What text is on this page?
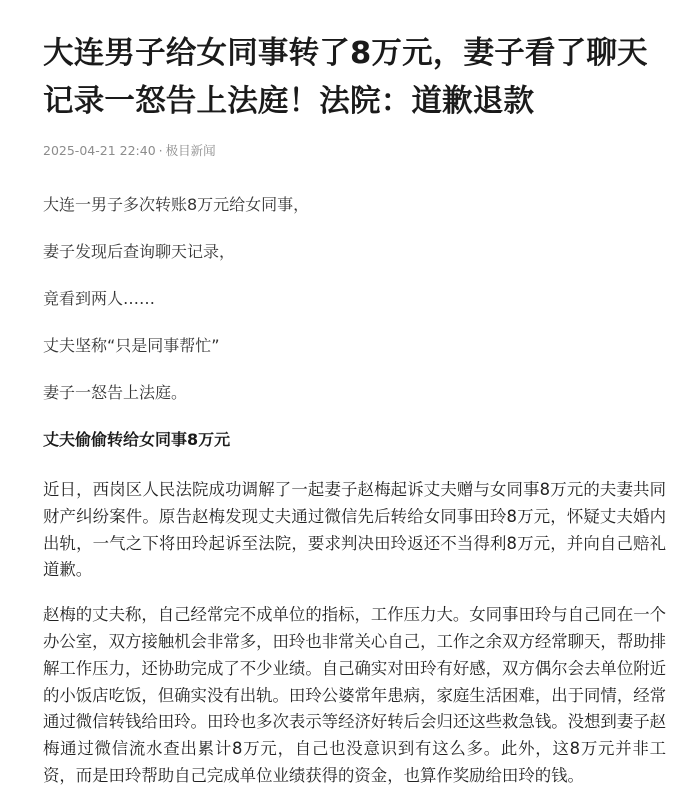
大连男子给女同事转了8万元，妻子看了聊天记录一怒告上法庭！法院：道歉退款
2025-04-21 22:40 · 极目新闻

大连一男子多次转账8万元给女同事，

妻子发现后查询聊天记录，

竟看到两人……

丈夫坚称“只是同事帮忙”

妻子一怒告上法庭。

丈夫偷偷转给女同事8万元

近日，西岗区人民法院成功调解了一起妻子赵梅起诉丈夫赠与女同事8万元的夫妻共同财产纠纷案件。原告赵梅发现丈夫通过微信先后转给女同事田玲8万元，怀疑丈夫婚内出轨，一气之下将田玲起诉至法院，要求判决田玲返还不当得利8万元，并向自己赔礼道歉。

赵梅的丈夫称，自己经常完不成单位的指标，工作压力大。女同事田玲与自己同在一个办公室，双方接触机会非常多，田玲也非常关心自己，工作之余双方经常聊天，帮助排解工作压力，还协助完成了不少业绩。自己确实对田玲有好感，双方偶尔会去单位附近的小饭店吃饭，但确实没有出轨。田玲公婆常年患病，家庭生活困难，出于同情，经常通过微信转钱给田玲。田玲也多次表示等经济好转后会归还这些救急钱。没想到妻子赵梅通过微信流水查出累计8万元，自己也没意识到有这么多。此外，这8万元并非工资，而是田玲帮助自己完成单位业绩获得的资金，也算作奖励给田玲的钱。
